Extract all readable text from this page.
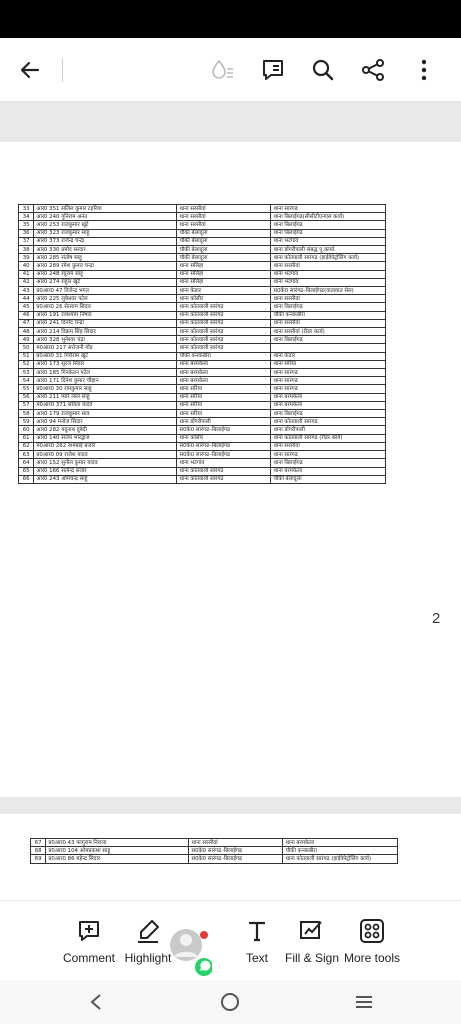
33	आर0 351 सलिल कुमार टहरिया	थाना सरसीवां	थाना सारंगढ
34	आर0 240 गुनिराम अनंत	थाना सरसीवां	थाना बिलाईगढ(सीसीटीएनएस कार्य)
35	आर0 253 राजकुमार खूंटे	थाना सरसीवां	थाना बिलाईगढ
36	आर0 323 राजकुमार साहू	चौकी बेलादूला	थाना बिलाईगढ
37	आर0 373 राजेन्द्र चन्द्रा	चौकी बेलादूला	थाना भटगांव
38	आर0 330 प्रमोद सरदार	चौकी बेलादूला	थाना डोंगरीपाली संबद्ध पु.कार्या.
39	आर0 285 संतोष साहू	चौकी बेलादूला	थाना कोतवाली सारंगढ (हाईवेपेट्रोलिंग कार्य)
40	आर0 289 रमेश कुमार चन्द्रा	थाना सलिहा	थाना सरसीवां
41	आर0 248 रघुराम साहू	थाना सलिहा	थाना भटगांव
42	आर0 274 राहूल खूंटे	थाना सलिहा	थाना भटगांव
43	प्र0आर0 47 विजेन्द्र भगत	थाना केडार	स0के0 सारंगढ–बिलाईगढ(वातायात सेल)
44	आर0 225 लुकेश्वर पटेल	थाना कोसीर	थाना सरसीवां
45	प्र0आर0 26 सेतराम सिदार	थाना कोतवाली सारंगढ	थाना बिलाईगढ
46	आर0 191 राधेश्याम निषाद	थाना कोतवाली सारंगढ	चौकी कनकबीरा
47	आर0 241 विनोद चन्द्रा	थाना कोतवाली सारंगढ	थाना सरसीवां
48	आर0 214 विक्रम सिंह सिदार	थाना कोतवाली सारंगढ	थाना सरसीवां (रीडर कार्य)
49	आर0 328 भुनेश्वर चंद्रा	थाना कोतवाली सारंगढ	थाना बिलाईगढ
50	म0आर0 217 सरोजनी गोंड़	थाना कोतवाली सारंगढ	
51	प्र0आर0 31 गिरीराम खूंटे	चौकी कनकबीरा	थाना केडार
52	आर0 173 सूरज सिदार	थाना बरमकेला	थाना सरिया
53	आर0 185 गिनकेतन पटेल	थाना बरमकेला	थाना सारंगढ
54	आर0 171 दिनेश कुमार चौहान	थाना बरमकेला	थाना सारंगढ
55	प्र0आर0 30 रामकुमार साहू	थाना सरिया	थाना सारंगढ
56	आर0 211 प्यारे लाल साहू	थाना सरिया	थाना बरमकेला
57	म0आर0 371 सविता यादव	थाना सरिया	थाना बरमकेला
58	आर0 179 राजकुमार साव	थाना सरिया	थाना बिलाईगढ
59	आर0 94 मनोज सिदार	थाना डोंगरीपाली	थाना कोतवाली सारंगढ
60	आर0 282 यदुनाथ दुबेदी	स0के0 सारंगढ–बिलाईगढ	थाना डोंगरीपाली
61	आर0 140 संजय भारद्वाज	थाना कोसीर	थाना कोतवाली सारंगढ (रीडर कार्य)
62	म0आर0 262 रश्मबाई बजारे	स0के0 सारंगढ–बिलाईगढ	थाना सरसीवां
63	प्र0आर0 09 राजेश यादव	स0के0 सारंगढ–बिलाईगढ	थाना सारंगढ
64	आर0 152 सुनील कुमार यादव	थाना भटगांव	थाना बिलाईगढ
65	आर0 166 सत्येन्द्र बंजारे	थाना कोतवाली सारंगढ	थाना बरमकेला
66	आर0 243 ओमचन्द्र साहू	थाना कोतवाली सारंगढ	चौकी बेलादूला
67	प्र0आर0 43 फागुराम निराला	थाना सरसीवां	थाना बरमकेला
68	प्र0आर0 104 ओमप्रकाश साहू	स0के0 सारंगढ–बिलाईगढ	चौकी कनकबीरा
69	प्र0आर0 86 महेन्द्र सिदार	स0के0 सारंगढ–बिलाईगढ	थाना कोतवाली सारंगढ (हाईवेपेट्रोलिंग कार्य)
2
Comment Highlight	Text	Fill & Sign More tools
